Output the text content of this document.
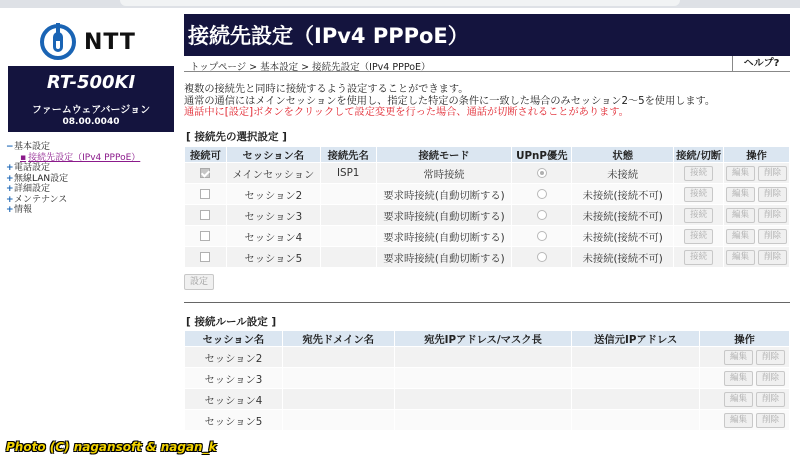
NTT
RT-500KI
ファームウェアバージョン
08.00.0040
− 基本設定
▪ 接続先設定（IPv4 PPPoE）
+ 電話設定
+ 無線LAN設定
+ 詳細設定
+ メンテナンス
+ 情報
接続先設定（IPv4 PPPoE）
トップページ > 基本設定 > 接続先設定（IPv4 PPPoE）	ヘルプ?
複数の接続先と同時に接続するよう設定することができます。
通常の通信にはメインセッションを使用し、指定した特定の条件に一致した場合のみセッション2〜5を使用します。
通話中に[設定]ボタンをクリックして設定変更を行った場合、通話が切断されることがあります。
[ 接続先の選択設定 ]
接続可	セッション名	接続先名	接続モード	UPnP優先	状態	接続/切断	操作
	メインセッション	ISP1	常時接続		未接続	接続	編集 削除
	セッション2		要求時接続(自動切断する)		未接続(接続不可)	接続	編集 削除
	セッション3		要求時接続(自動切断する)		未接続(接続不可)	接続	編集 削除
	セッション4		要求時接続(自動切断する)		未接続(接続不可)	接続	編集 削除
	セッション5		要求時接続(自動切断する)		未接続(接続不可)	接続	編集 削除
設定
[ 接続ルール設定 ]
セッション名	宛先ドメイン名	宛先IPアドレス/マスク長	送信元IPアドレス	操作
セッション2				編集 削除
セッション3				編集 削除
セッション4				編集 削除
セッション5				編集 削除
Photo (C) nagansoft & nagan_k
